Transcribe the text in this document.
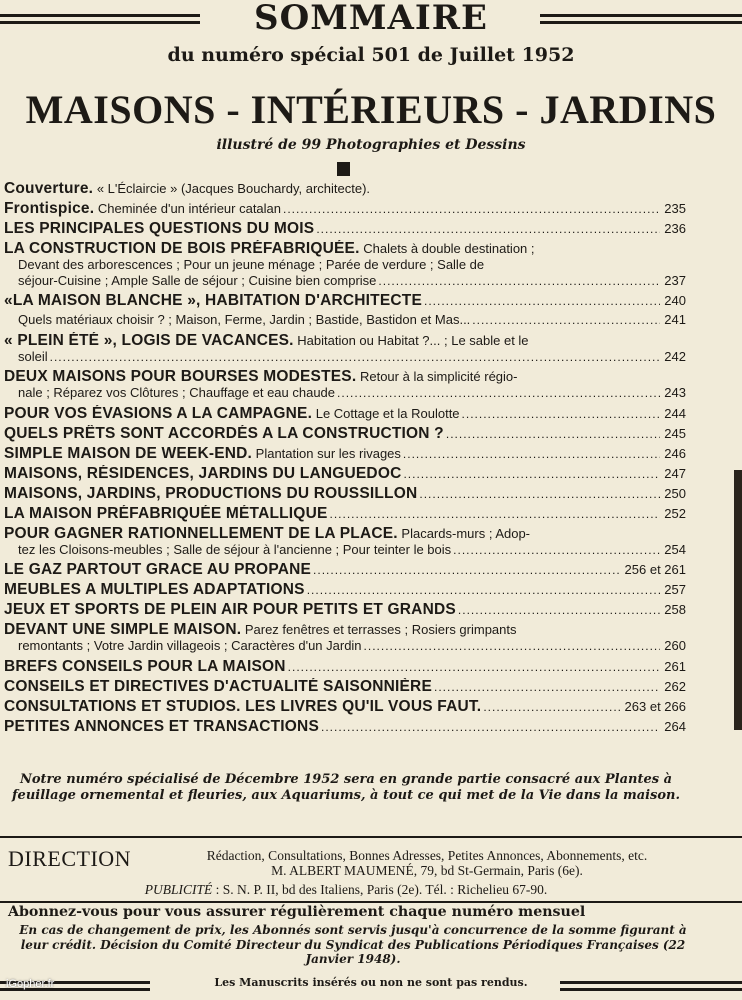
SOMMAIRE
du numéro spécial 501 de Juillet 1952
MAISONS - INTÉRIEURS - JARDINS
illustré de 99 Photographies et Dessins
Couverture. « L'Éclaircie » (Jacques Bouchardy, architecte).
Frontispice. Cheminée d'un intérieur catalan .....	235
LES PRINCIPALES QUESTIONS DU MOIS .....	236
LA CONSTRUCTION DE BOIS PRÉFABRIQUÉE. Chalets à double destination ;
Devant des arborescences ; Pour un jeune ménage ; Parée de verdure ; Salle de
séjour-Cuisine ; Ample Salle de séjour ; Cuisine bien comprise .....	237
«LA MAISON BLANCHE », HABITATION D'ARCHITECTE .....	240
Quels matériaux choisir ? ; Maison, Ferme, Jardin ; Bastide, Bastidon et Mas... .....	241
« PLEIN ÉTÉ », LOGIS DE VACANCES. Habitation ou Habitat ?... ; Le sable et le
soleil .....	242
DEUX MAISONS POUR BOURSES MODESTES. Retour à la simplicité régio-
nale ; Réparez vos Clôtures ; Chauffage et eau chaude .....	243
POUR VOS ÉVASIONS A LA CAMPAGNE. Le Cottage et la Roulotte .....	244
QUELS PRÊTS SONT ACCORDÉS A LA CONSTRUCTION ? .....	245
SIMPLE MAISON DE WEEK-END. Plantation sur les rivages .....	246
MAISONS, RÉSIDENCES, JARDINS DU LANGUEDOC .....	247
MAISONS, JARDINS, PRODUCTIONS DU ROUSSILLON .....	250
LA MAISON PRÉFABRIQUÉE MÉTALLIQUE .....	252
POUR GAGNER RATIONNELLEMENT DE LA PLACE. Placards-murs ; Adop-
tez les Cloisons-meubles ; Salle de séjour à l'ancienne ; Pour teinter le bois .....	254
LE GAZ PARTOUT GRACE AU PROPANE .....	256 et 261
MEUBLES A MULTIPLES ADAPTATIONS .....	257
JEUX ET SPORTS DE PLEIN AIR POUR PETITS ET GRANDS .....	258
DEVANT UNE SIMPLE MAISON. Parez fenêtres et terrasses ; Rosiers grimpants
remontants ; Votre Jardin villageois ; Caractères d'un Jardin .....	260
BREFS CONSEILS POUR LA MAISON .....	261
CONSEILS ET DIRECTIVES D'ACTUALITÉ SAISONNIÈRE .....	262
CONSULTATIONS ET STUDIOS. LES LIVRES QU'IL VOUS FAUT. .....	263 et 266
PETITES ANNONCES ET TRANSACTIONS .....	264
Notre numéro spécialisé de Décembre 1952 sera en grande partie consacré aux Plantes à feuillage ornemental et fleuries, aux Aquariums, à tout ce qui met de la Vie dans la maison.
DIRECTION	Rédaction, Consultations, Bonnes Adresses, Petites Annonces, Abonnements, etc.
M. ALBERT MAUMENÉ, 79, bd St-Germain, Paris (6e).
PUBLICITÉ : S. N. P. II, bd des Italiens, Paris (2e). Tél. : Richelieu 67-90.
Abonnez-vous pour vous assurer régulièrement chaque numéro mensuel
En cas de changement de prix, les Abonnés sont servis jusqu'à concurrence de la somme figurant à leur crédit. Décision du Comité Directeur du Syndicat des Publications Périodiques Françaises (22 Janvier 1948).
Les Manuscrits insérés ou non ne sont pas rendus.
iGopher.fr
